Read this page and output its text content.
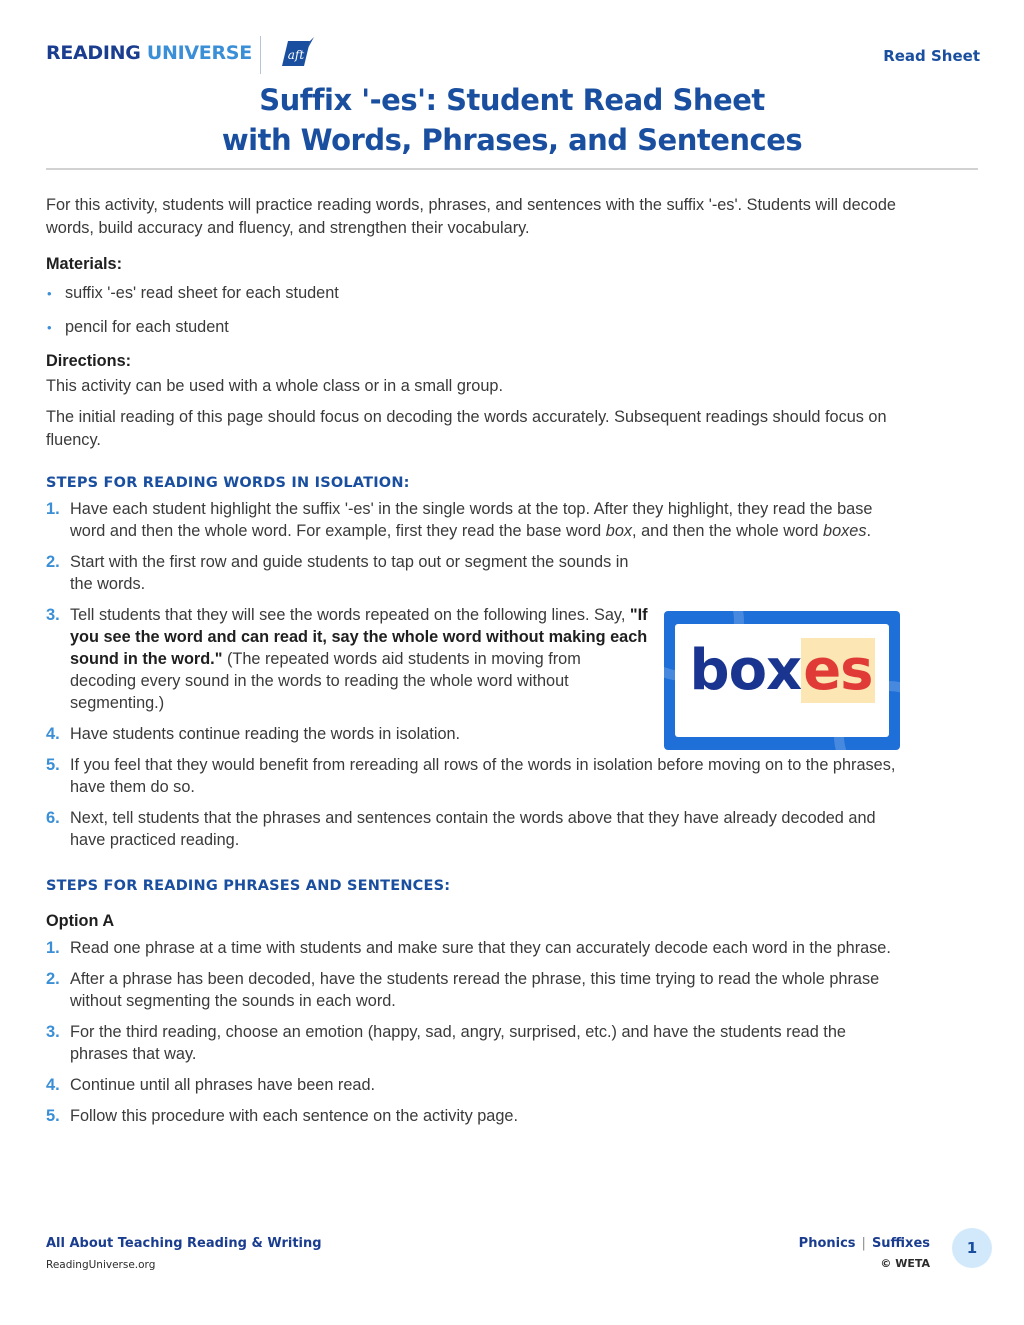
READING UNIVERSE	aft	Read Sheet
Suffix '-es': Student Read Sheet
with Words, Phrases, and Sentences

For this activity, students will practice reading words, phrases, and sentences with the suffix '-es'. Students will decode words, build accuracy and fluency, and strengthen their vocabulary.

Materials:
• suffix '-es' read sheet for each student
• pencil for each student
Directions:

This activity can be used with a whole class or in a small group.

The initial reading of this page should focus on decoding the words accurately. Subsequent readings should focus on fluency.

STEPS FOR READING WORDS IN ISOLATION:
1. Have each student highlight the suffix '-es' in the single words at the top. After they highlight, they read the base word and then the whole word. For example, first they read the base word box, and then the whole word boxes.
2. Start with the first row and guide students to tap out or segment the sounds in the words.
3. Tell students that they will see the words repeated on the following lines. Say, "If you see the word and can read it, say the whole word without making each sound in the word." (The repeated words aid students in moving from decoding every sound in the words to reading the whole word without segmenting.)
4. Have students continue reading the words in isolation.
5. If you feel that they would benefit from rereading all rows of the words in isolation before moving on to the phrases, have them do so.
6. Next, tell students that the phrases and sentences contain the words above that they have already decoded and have practiced reading.
STEPS FOR READING PHRASES AND SENTENCES:
Option A
1. Read one phrase at a time with students and make sure that they can accurately decode each word in the phrase.
2. After a phrase has been decoded, have the students reread the phrase, this time trying to read the whole phrase without segmenting the sounds in each word.
3. For the third reading, choose an emotion (happy, sad, angry, surprised, etc.) and have the students read the phrases that way.
4. Continue until all phrases have been read.
5. Follow this procedure with each sentence on the activity page.
boxes
All About Teaching Reading & Writing
ReadingUniverse.org
Phonics | Suffixes
© WETA
1
